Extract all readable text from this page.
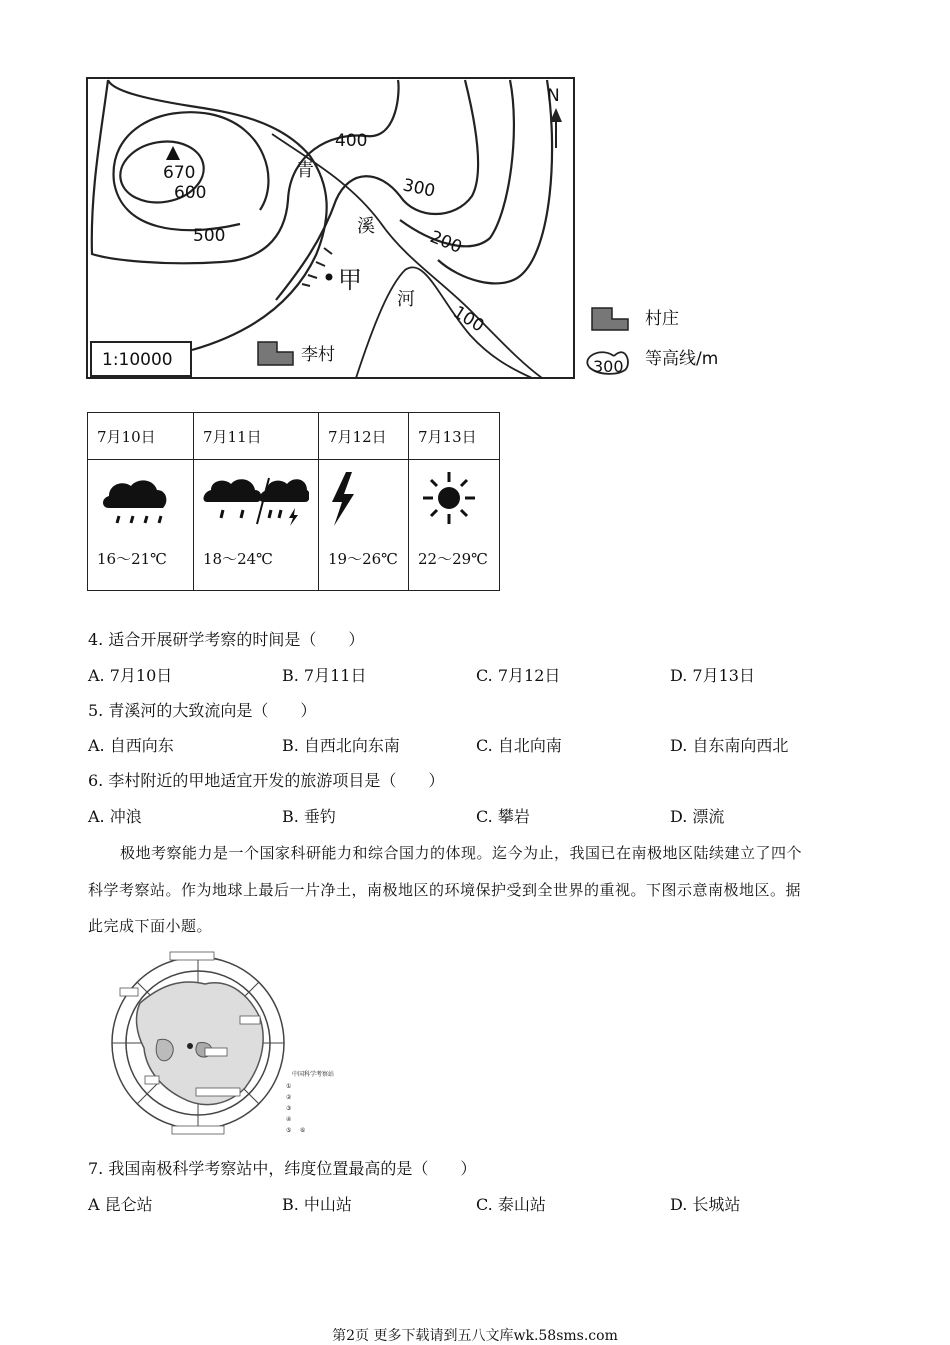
N
670
600
500
400
300
200
100
青
溪
河
甲
李村
1:10000
村庄
300 等高线/m
7月10日	7月11日	7月12日	7月13日

16～21℃	18～24℃	19～26℃	22～29℃
4. 适合开展研学考察的时间是（　　）
A. 7月10日	B. 7月11日	C. 7月12日	D. 7月13日
5. 青溪河的大致流向是（　　）
A. 自西向东	B. 自西北向东南	C. 自北向南	D. 自东南向西北
6. 李村附近的甲地适宜开发的旅游项目是（　　）
A. 冲浪	B. 垂钓	C. 攀岩	D. 漂流
极地考察能力是一个国家科研能力和综合国力的体现。迄今为止，我国已在南极地区陆续建立了四个
科学考察站。作为地球上最后一片净土，南极地区的环境保护受到全世界的重视。下图示意南极地区。据
此完成下面小题。
中国科学考察站
①
②
③
④
⑤ ⑥
7. 我国南极科学考察站中，纬度位置最高的是（　　）
A 昆仑站	B. 中山站	C. 泰山站	D. 长城站
第2页 更多下载请到五八文库wk.58sms.com
